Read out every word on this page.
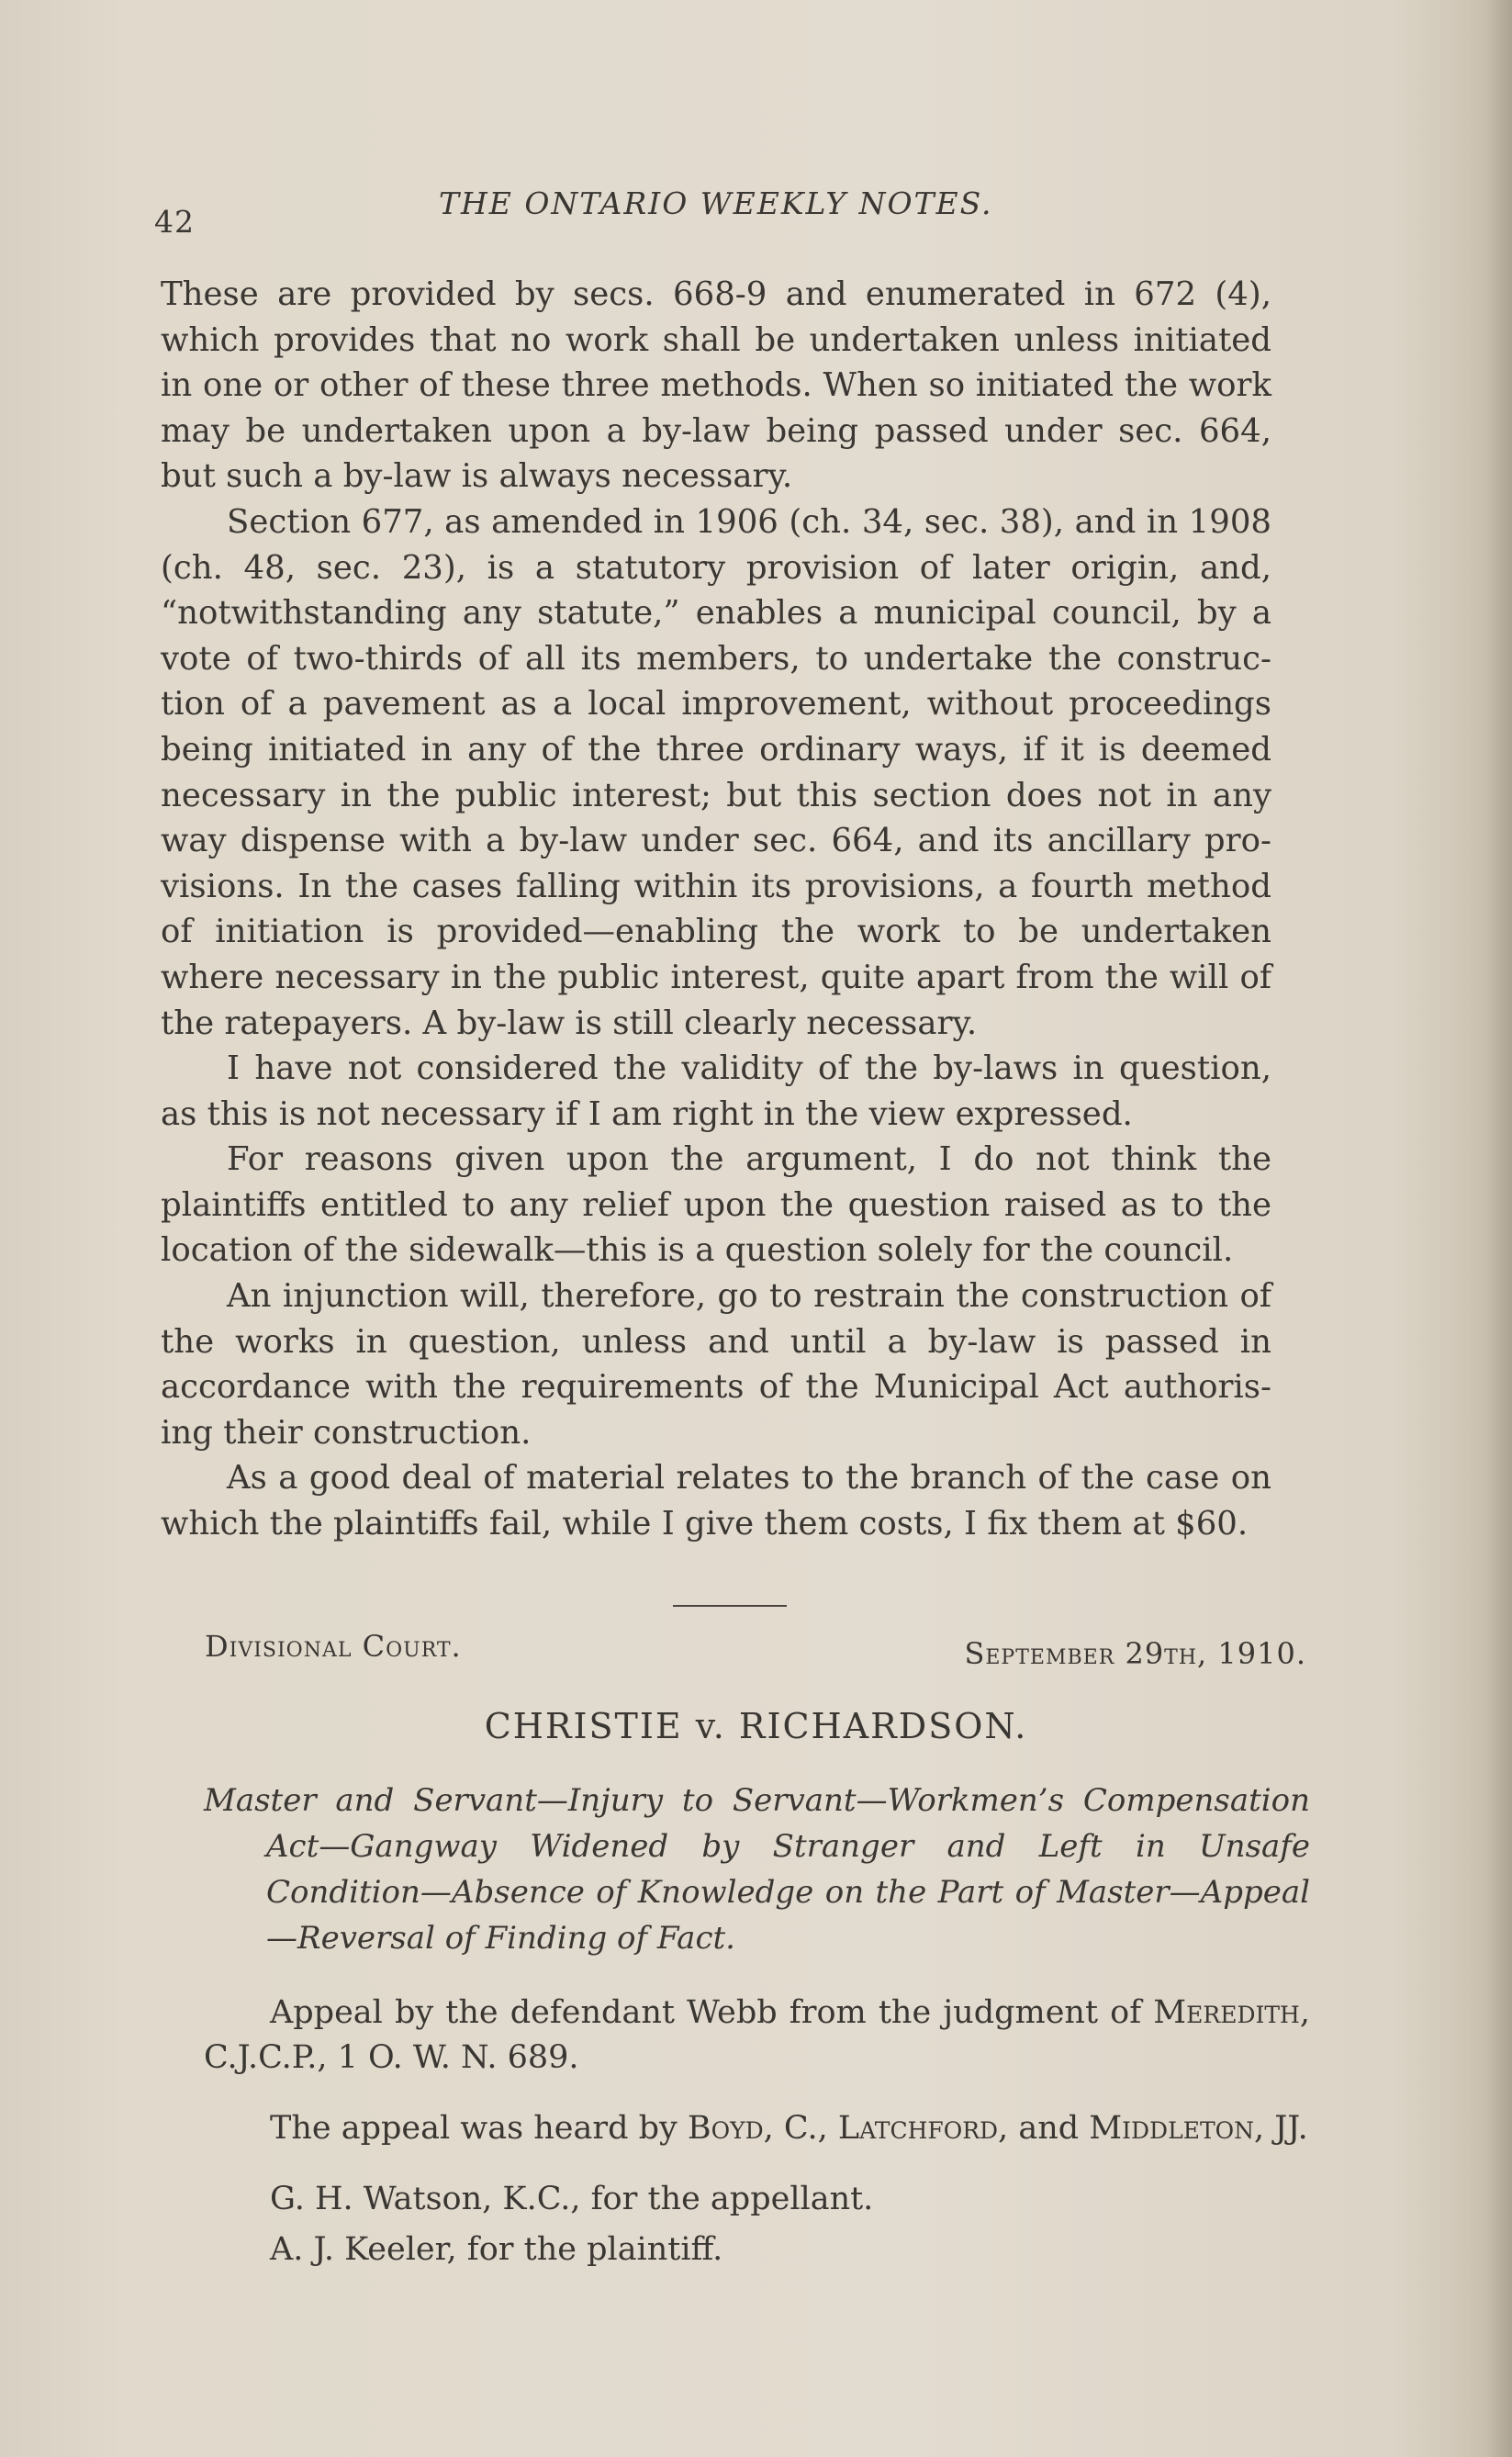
42
THE ONTARIO WEEKLY NOTES.

These are provided by secs. 668-9 and enumerated in 672 (4), which provides that no work shall be undertaken unless initiated in one or other of these three methods. When so initiated the work may be undertaken upon a by-law being passed under sec. 664, but such a by-law is always necessary.

Section 677, as amended in 1906 (ch. 34, sec. 38), and in 1908 (ch. 48, sec. 23), is a statutory provision of later origin, and, “notwithstanding any statute,” enables a municipal council, by a vote of two-thirds of all its members, to undertake the construction of a pavement as a local improvement, without proceedings being initiated in any of the three ordinary ways, if it is deemed necessary in the public interest; but this section does not in any way dispense with a by-law under sec. 664, and its ancillary provisions. In the cases falling within its provisions, a fourth method of initiation is provided—enabling the work to be undertaken where necessary in the public interest, quite apart from the will of the ratepayers. A by-law is still clearly necessary.

I have not considered the validity of the by-laws in question, as this is not necessary if I am right in the view expressed.

For reasons given upon the argument, I do not think the plaintiffs entitled to any relief upon the question raised as to the location of the sidewalk—this is a question solely for the council.

An injunction will, therefore, go to restrain the construction of the works in question, unless and until a by-law is passed in accordance with the requirements of the Municipal Act authorising their construction.

As a good deal of material relates to the branch of the case on which the plaintiffs fail, while I give them costs, I fix them at $60.

Divisional Court.	September 29th, 1910.
CHRISTIE v. RICHARDSON.
Master and Servant—Injury to Servant—Workmen’s Compensation Act—Gangway Widened by Stranger and Left in Unsafe Condition—Absence of Knowledge on the Part of Master—Appeal—Reversal of Finding of Fact.

Appeal by the defendant Webb from the judgment of Meredith, C.J.C.P., 1 O. W. N. 689.

The appeal was heard by Boyd, C., Latchford, and Middleton, JJ.

G. H. Watson, K.C., for the appellant.

A. J. Keeler, for the plaintiff.
